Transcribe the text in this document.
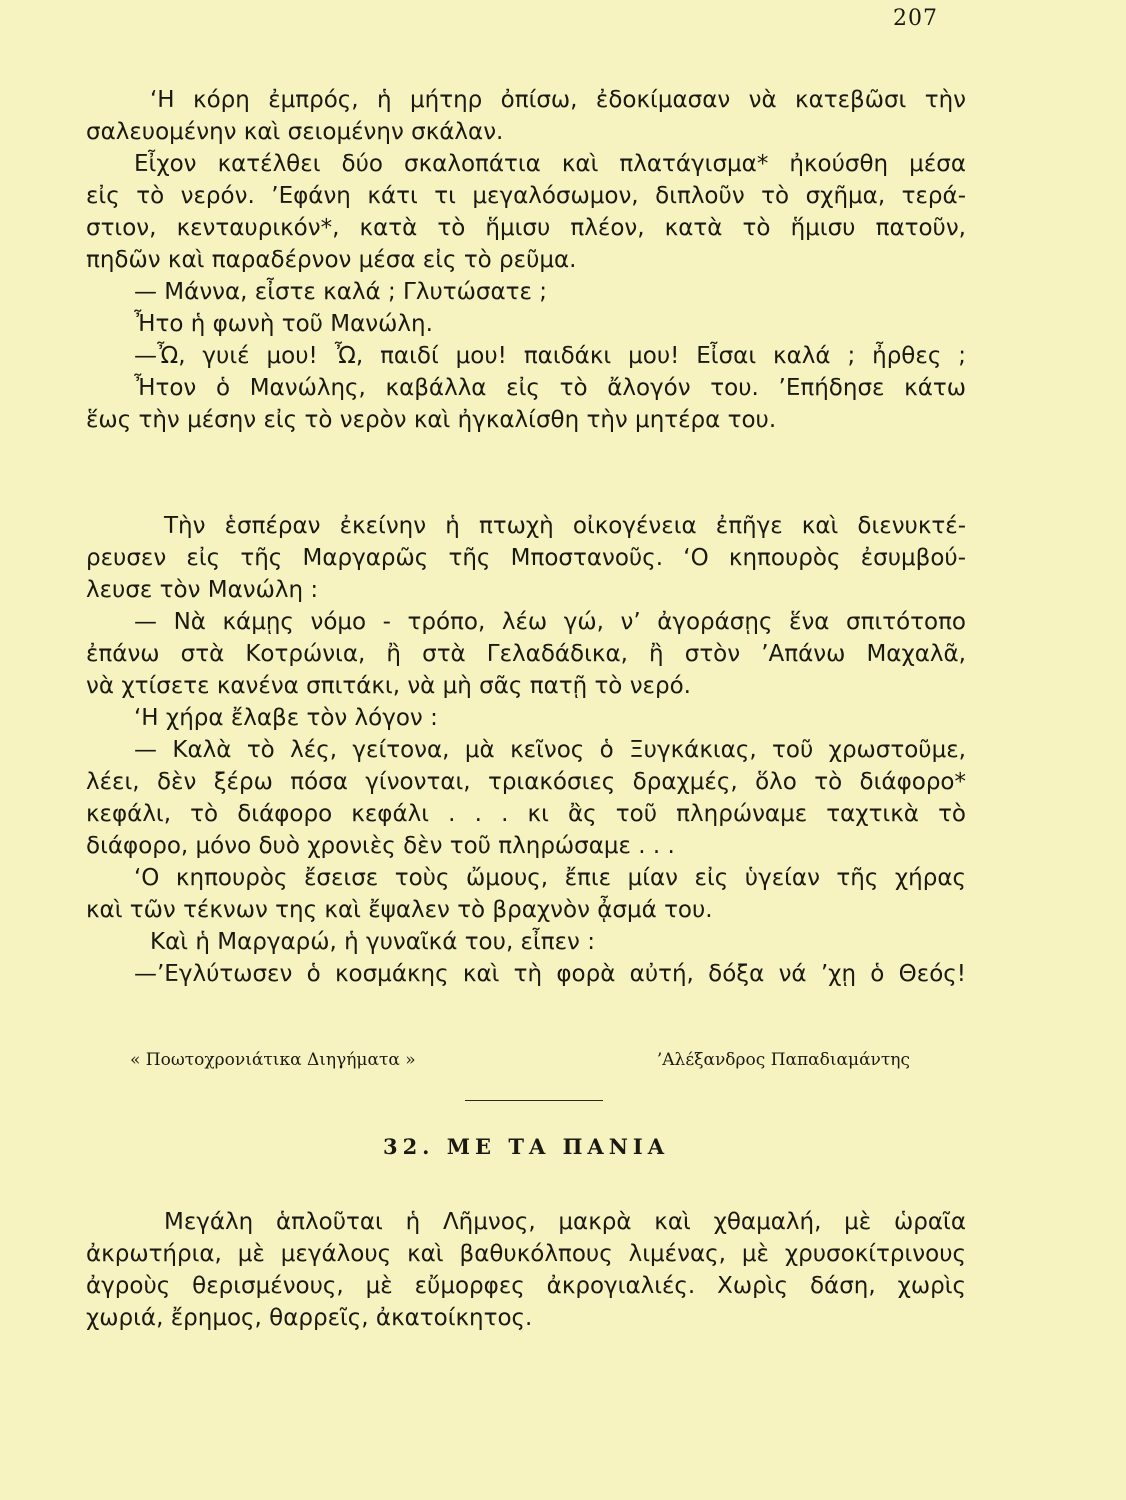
207
‘Η κόρη ἐμπρός, ἡ μήτηρ ὀπίσω, ἐδοκίμασαν νὰ κατεβῶσι τὴν
σαλευομένην καὶ σειομένην σκάλαν.
Εἶχον κατέλθει δύο σκαλοπάτια καὶ πλατάγισμα* ἠκούσθη μέσα
εἰς τὸ νερόν. ’Εφάνη κάτι τι μεγαλόσωμον, διπλοῦν τὸ σχῆμα, τερά-
στιον, κενταυρικόν*, κατὰ τὸ ἥμισυ πλέον, κατὰ τὸ ἥμισυ πατοῦν,
πηδῶν καὶ παραδέρνον μέσα εἰς τὸ ρεῦμα.
— Μάννα, εἶστε καλά ; Γλυτώσατε ;
Ἦτο ἡ φωνὴ τοῦ Μανώλη.
—Ὦ, γυιέ μου! Ὦ, παιδί μου! παιδάκι μου! Εἶσαι καλά ; ἦρθες ;
Ἦτον ὁ Μανώλης, καβάλλα εἰς τὸ ἄλογόν του. ’Επήδησε κάτω
ἕως τὴν μέσην εἰς τὸ νερὸν καὶ ἠγκαλίσθη τὴν μητέρα του.
Τὴν ἑσπέραν ἐκείνην ἡ πτωχὴ οἰκογένεια ἐπῆγε καὶ διενυκτέ-
ρευσεν εἰς τῆς Μαργαρῶς τῆς Μποστανοῦς. ‘Ο κηπουρὸς ἐσυμβού-
λευσε τὸν Μανώλη :
— Νὰ κάμῃς νόμο - τρόπο, λέω γώ, ν’ ἀγοράσῃς ἕνα σπιτότοπο
ἐπάνω στὰ Κοτρώνια, ἢ στὰ Γελαδάδικα, ἢ στὸν ’Απάνω Μαχαλᾶ,
νὰ χτίσετε κανένα σπιτάκι, νὰ μὴ σᾶς πατῇ τὸ νερό.
‘Η χήρα ἔλαβε τὸν λόγον :
— Καλὰ τὸ λές, γείτονα, μὰ κεῖνος ὁ Ξυγκάκιας, τοῦ χρωστοῦμε,
λέει, δὲν ξέρω πόσα γίνονται, τριακόσιες δραχμές, ὅλο τὸ διάφορο*
κεφάλι, τὸ διάφορο κεφάλι . . . κι ἂς τοῦ πληρώναμε ταχτικὰ τὸ
διάφορο, μόνο δυὸ χρονιὲς δὲν τοῦ πληρώσαμε . . .
‘Ο κηπουρὸς ἔσεισε τοὺς ὤμους, ἔπιε μίαν εἰς ὑγείαν τῆς χήρας
καὶ τῶν τέκνων της καὶ ἔψαλεν τὸ βραχνὸν ᾆσμά του.
Καὶ ἡ Μαργαρώ, ἡ γυναῖκά του, εἶπεν :
—’Εγλύτωσεν ὁ κοσμάκης καὶ τὴ φορὰ αὐτή, δόξα νά ’χῃ ὁ Θεός!
« Ποωτοχρονιάτικα Διηγήματα »	’Αλέξανδρος Παπαδιαμάντης
32. ΜΕ ΤΑ ΠΑΝΙΑ
Μεγάλη ἁπλοῦται ἡ Λῆμνος, μακρὰ καὶ χθαμαλή, μὲ ὡραῖα
ἀκρωτήρια, μὲ μεγάλους καὶ βαθυκόλπους λιμένας, μὲ χρυσοκίτρινους
ἀγροὺς θερισμένους, μὲ εὔμορφες ἀκρογιαλιές. Χωρὶς δάση, χωρὶς
χωριά, ἔρημος, θαρρεῖς, ἀκατοίκητος.
